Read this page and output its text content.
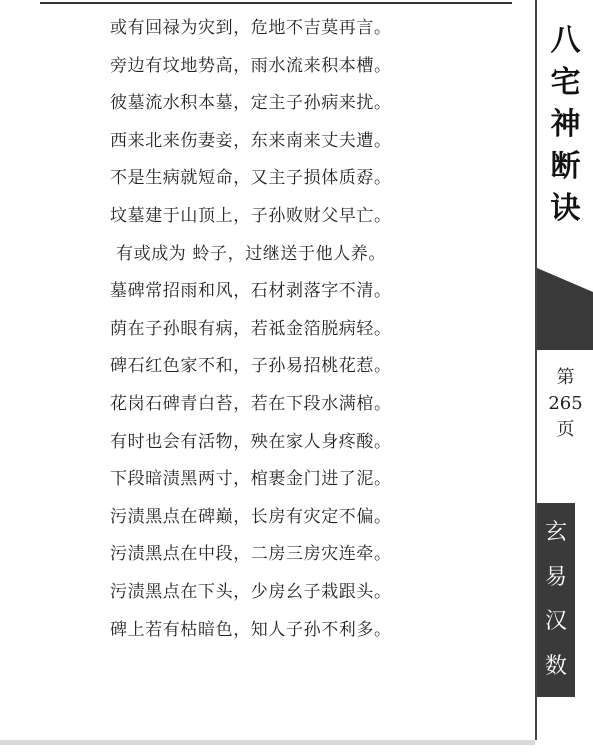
或有回禄为灾到，危地不吉莫再言。
旁边有坟地势高，雨水流来积本槽。
彼墓流水积本墓，定主子孙病来扰。
西来北来伤妻妾，东来南来丈夫遭。
不是生病就短命，又主子损体质孬。
坟墓建于山顶上，子孙败财父早亡。
有或成为 蛉子，过继送于他人养。
墓碑常招雨和风，石材剥落字不清。
荫在子孙眼有病，若祗金箔脱病轻。
碑石红色家不和，子孙易招桃花惹。
花岗石碑青白苔，若在下段水满棺。
有时也会有活物，殃在家人身疼酸。
下段暗渍黑两寸，棺裹金门进了泥。
污渍黑点在碑巅，长房有灾定不偏。
污渍黑点在中段，二房三房灾连牵。
污渍黑点在下头，少房幺子栽跟头。
碑上若有枯暗色，知人子孙不利多。
八
宅
神
断
诀
第
265
页
玄
易
汉
数
